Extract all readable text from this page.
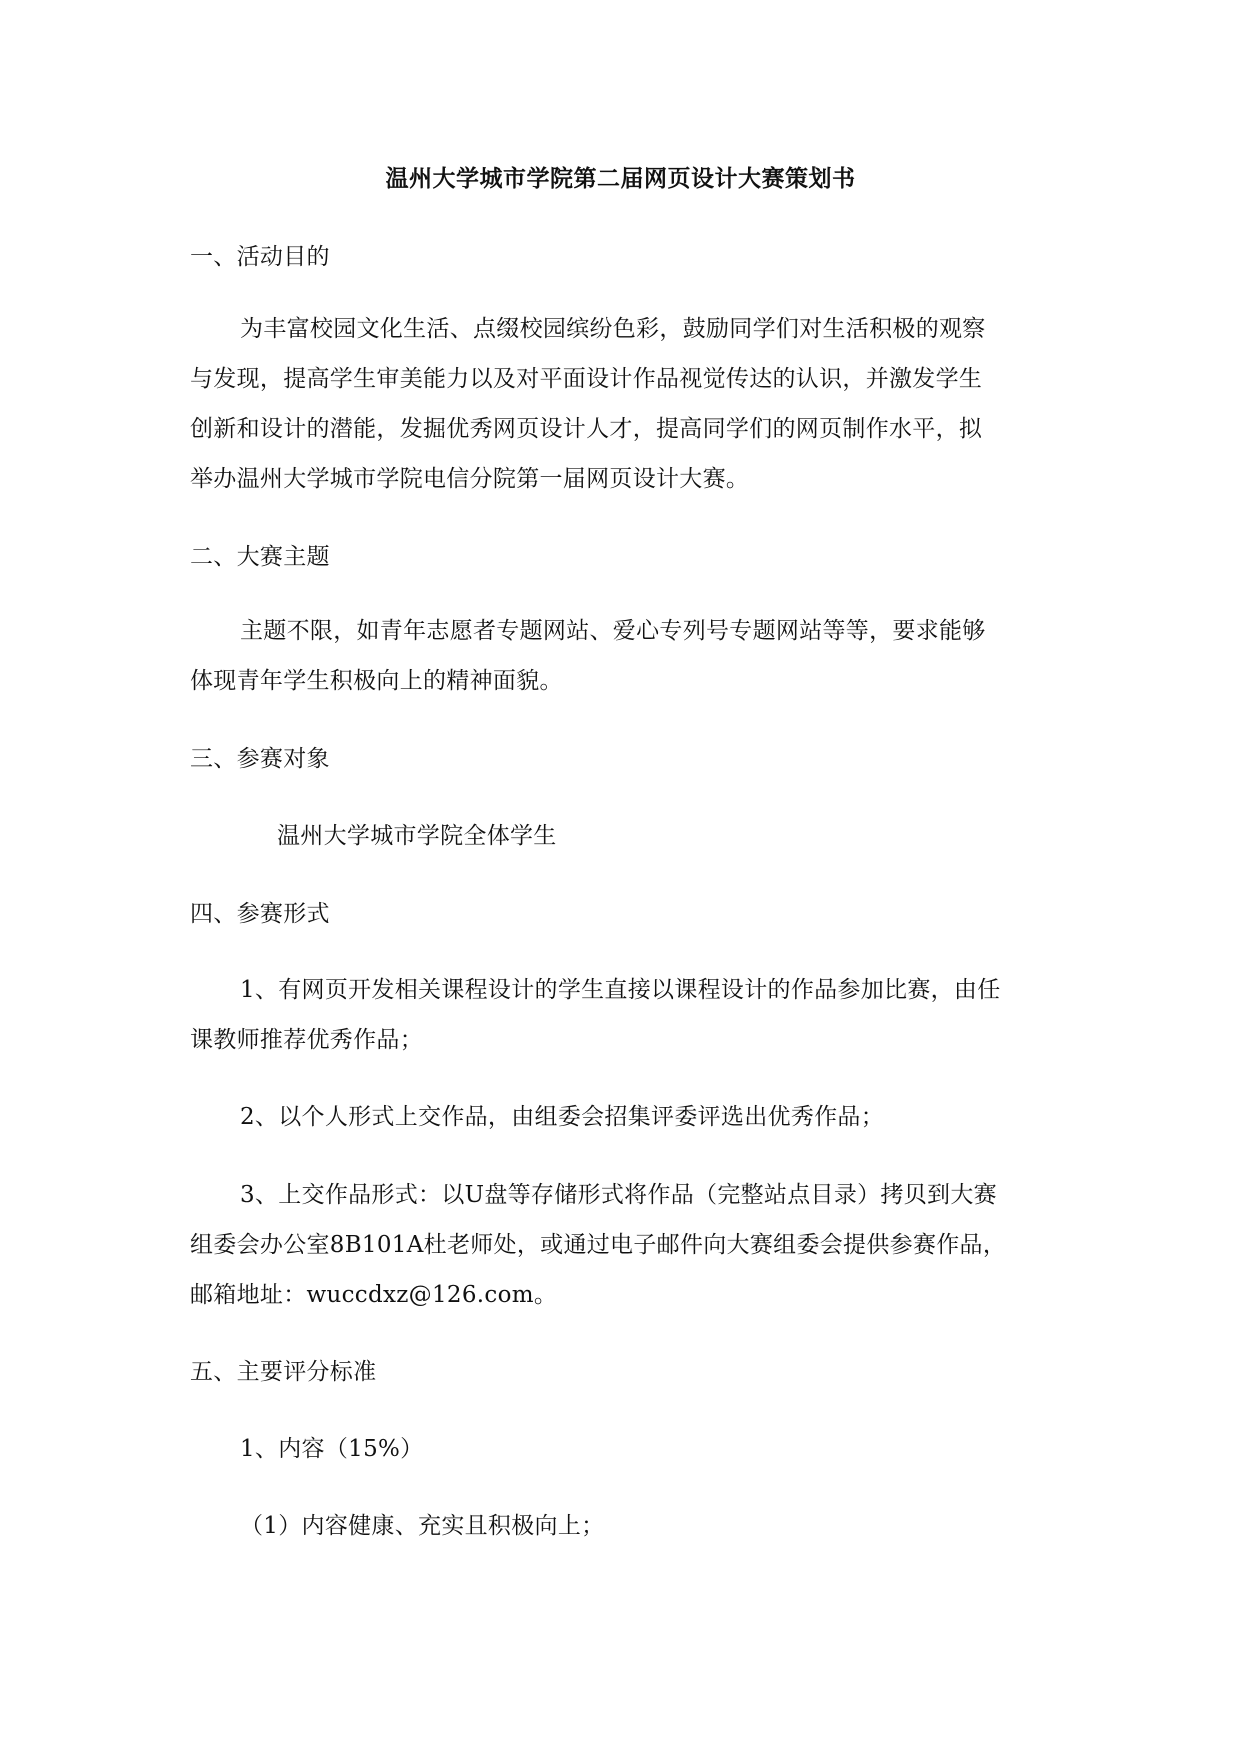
温州大学城市学院第二届网页设计大赛策划书
一、活动目的
为丰富校园文化生活、点缀校园缤纷色彩，鼓励同学们对生活积极的观察
与发现，提高学生审美能力以及对平面设计作品视觉传达的认识，并激发学生
创新和设计的潜能，发掘优秀网页设计人才，提高同学们的网页制作水平，拟
举办温州大学城市学院电信分院第一届网页设计大赛。
二、大赛主题
主题不限，如青年志愿者专题网站、爱心专列号专题网站等等，要求能够
体现青年学生积极向上的精神面貌。
三、参赛对象
温州大学城市学院全体学生
四、参赛形式
1、有网页开发相关课程设计的学生直接以课程设计的作品参加比赛，由任
课教师推荐优秀作品；
2、以个人形式上交作品，由组委会招集评委评选出优秀作品；
3、上交作品形式：以U盘等存储形式将作品（完整站点目录）拷贝到大赛
组委会办公室8B101A杜老师处，或通过电子邮件向大赛组委会提供参赛作品，
邮箱地址：wuccdxz@126.com。
五、主要评分标准
1、内容（15%）
（1）内容健康、充实且积极向上；
